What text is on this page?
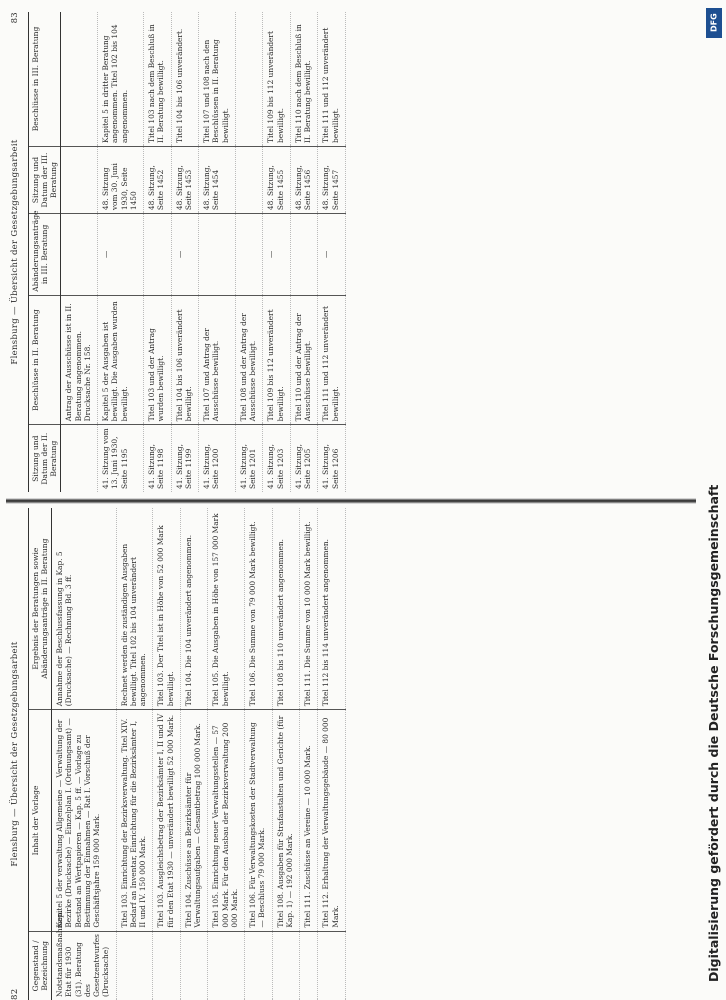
82
Flensburg — Übersicht der Gesetzgebungsarbeit
Gegenstand / Bezeichnung	Inhalt der Vorlage	Ergebnis der Beratungen sowie Abänderungsanträge in II. Beratung
Notstandsmaßnahmen. Etat für 1930 (31). Beratung des Gesetzentwurfes (Drucksache)	Kapitel 5 der verwaltung Allgemeine — Verwaltung der Bezirke (Drucksache) — Einzelplan I. (Ordnungsamt) — Bestand an Wertpapieren — Kap. 5 ff. — Vorlage zu Bestimmung der Einnahmen — Rat I. Vorschuß der Geschäftsjahre 159 000 Mark.	Annahme der Beschlussfassung in Kap. 5 (Drucksache) — Rechnung Bd. 3 ff.
	Titel 103. Einrichtung der Bezirksverwaltung. Titel XIV. Bedarf an Inventar, Einrichtung für die Bezirksämter I, II und IV. 150 000 Mark.	Rechnet werden die zuständigen Ausgaben bewilligt. Titel 102 bis 104 unverändert angenommen.
	Titel 103. Ausgleichsbetrag der Bezirksämter I, II und IV für den Etat 1930 — unverändert bewilligt 52 000 Mark.	Titel 103. Der Titel ist in Höhe von 52 000 Mark bewilligt.
	Titel 104. Zuschüsse an Bezirksämter für Verwaltungsaufgaben — Gesamtbetrag 100 000 Mark.	Titel 104. Die 104 unverändert angenommen.
	Titel 105. Einrichtung neuer Verwaltungsstellen — 57 000 Mark. Für den Ausbau der Bezirksverwaltung 200 000 Mark.	Titel 105. Die Ausgaben in Höhe von 157 000 Mark bewilligt.
	Titel 106. Für Verwaltungskosten der Stadtverwaltung — Beschluss 79 000 Mark.	Titel 106. Die Summe von 79 000 Mark bewilligt.
	Titel 108. Ausgaben für Strafanstalten und Gerichte (für Kap. 1) — 192 000 Mark.	Titel 108 bis 110 unverändert angenommen.
	Titel 111. Zuschüsse an Vereine — 10 000 Mark.	Titel 111. Die Summe von 10 000 Mark bewilligt.
	Titel 112. Erhaltung der Verwaltungsgebäude — 80 000 Mark.	Titel 112 bis 114 unverändert angenommen.
Flensburg — Übersicht der Gesetzgebungsarbeit
83
Sitzung und Datum der II. Beratung	Beschlüsse in II. Beratung	Abänderungsanträge in III. Beratung	Sitzung und Datum der III. Beratung	Beschlüsse in III. Beratung
	Antrag der Ausschüsse ist in II. Beratung angenommen. Drucksache Nr. 158.			
41. Sitzung vom 13. Juni 1930, Seite 1195	Kapitel 5 der Ausgaben ist bewilligt. Die Ausgaben wurden bewilligt.	—	48. Sitzung vom 30. Juni 1930, Seite 1450	Kapitel 5 in dritter Beratung angenommen. Titel 102 bis 104 angenommen.
41. Sitzung, Seite 1198	Titel 103 und der Antrag wurden bewilligt.		48. Sitzung, Seite 1452	Titel 103 nach dem Beschluß in II. Beratung bewilligt.
41. Sitzung, Seite 1199	Titel 104 bis 106 unverändert bewilligt.	—	48. Sitzung, Seite 1453	Titel 104 bis 106 unverändert.
41. Sitzung, Seite 1200	Titel 107 und Antrag der Ausschüsse bewilligt.		48. Sitzung, Seite 1454	Titel 107 und 108 nach den Beschlüssen in II. Beratung bewilligt.
41. Sitzung, Seite 1201	Titel 108 und der Antrag der Ausschüsse bewilligt.			
41. Sitzung, Seite 1203	Titel 109 bis 112 unverändert bewilligt.	—	48. Sitzung, Seite 1455	Titel 109 bis 112 unverändert bewilligt.
41. Sitzung, Seite 1205	Titel 110 und der Antrag der Ausschüsse bewilligt.		48. Sitzung, Seite 1456	Titel 110 nach dem Beschluß in II. Beratung bewilligt.
41. Sitzung, Seite 1206	Titel 111 und 112 unverändert bewilligt.	—	48. Sitzung, Seite 1457	Titel 111 und 112 unverändert bewilligt.
DFG
Digitalisierung gefördert durch die Deutsche Forschungsgemeinschaft
